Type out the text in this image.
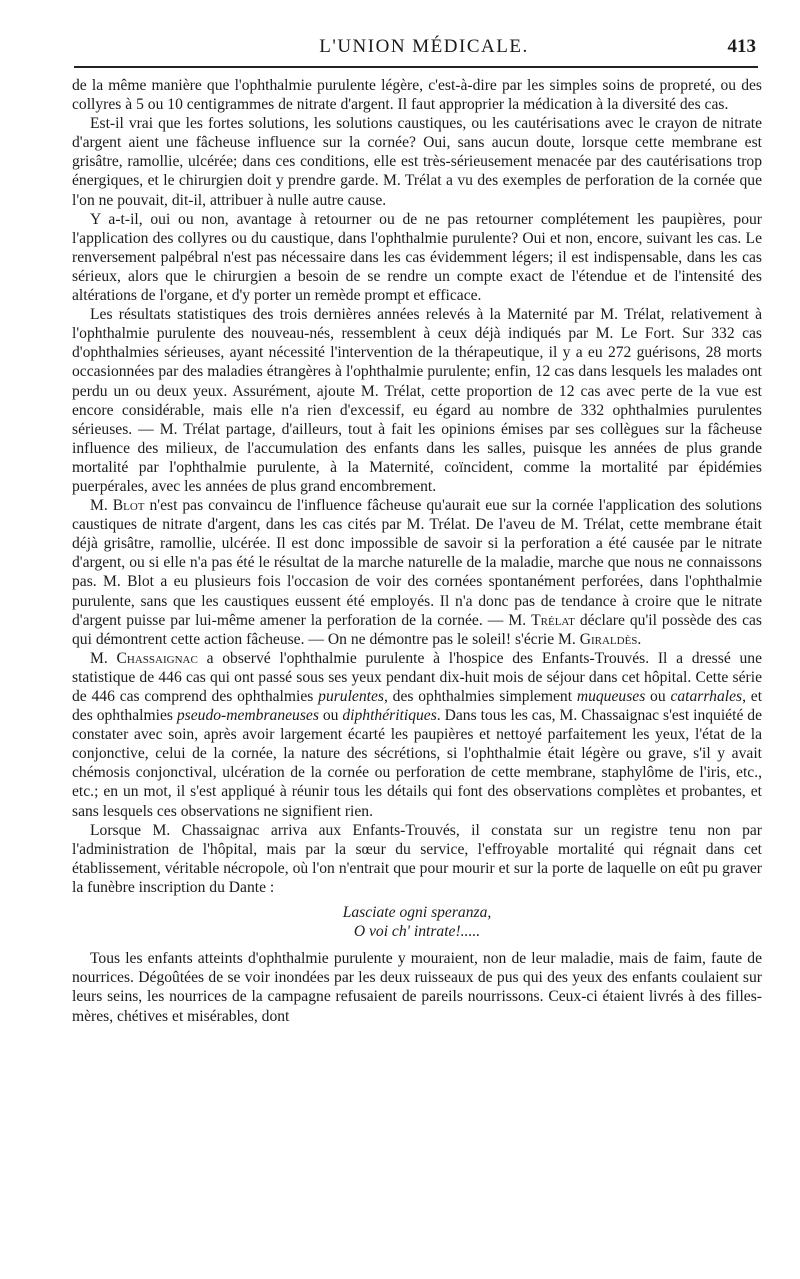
L'UNION MÉDICALE.	413

de la même manière que l'ophthalmie purulente légère, c'est-à-dire par les simples soins de propreté, ou des collyres à 5 ou 10 centigrammes de nitrate d'argent. Il faut approprier la médication à la diversité des cas.

Est-il vrai que les fortes solutions, les solutions caustiques, ou les cautérisations avec le crayon de nitrate d'argent aient une fâcheuse influence sur la cornée? Oui, sans aucun doute, lorsque cette membrane est grisâtre, ramollie, ulcérée; dans ces conditions, elle est très-sérieusement menacée par des cautérisations trop énergiques, et le chirurgien doit y prendre garde. M. Trélat a vu des exemples de perforation de la cornée que l'on ne pouvait, dit-il, attribuer à nulle autre cause.

Y a-t-il, oui ou non, avantage à retourner ou de ne pas retourner complétement les paupières, pour l'application des collyres ou du caustique, dans l'ophthalmie purulente? Oui et non, encore, suivant les cas. Le renversement palpébral n'est pas nécessaire dans les cas évidemment légers; il est indispensable, dans les cas sérieux, alors que le chirurgien a besoin de se rendre un compte exact de l'étendue et de l'intensité des altérations de l'organe, et d'y porter un remède prompt et efficace.

Les résultats statistiques des trois dernières années relevés à la Maternité par M. Trélat, relativement à l'ophthalmie purulente des nouveau-nés, ressemblent à ceux déjà indiqués par M. Le Fort. Sur 332 cas d'ophthalmies sérieuses, ayant nécessité l'intervention de la thérapeutique, il y a eu 272 guérisons, 28 morts occasionnées par des maladies étrangères à l'ophthalmie purulente; enfin, 12 cas dans lesquels les malades ont perdu un ou deux yeux. Assurément, ajoute M. Trélat, cette proportion de 12 cas avec perte de la vue est encore considérable, mais elle n'a rien d'excessif, eu égard au nombre de 332 ophthalmies purulentes sérieuses. — M. Trélat partage, d'ailleurs, tout à fait les opinions émises par ses collègues sur la fâcheuse influence des milieux, de l'accumulation des enfants dans les salles, puisque les années de plus grande mortalité par l'ophthalmie purulente, à la Maternité, coïncident, comme la mortalité par épidémies puerpérales, avec les années de plus grand encombrement.

M. Blot n'est pas convaincu de l'influence fâcheuse qu'aurait eue sur la cornée l'application des solutions caustiques de nitrate d'argent, dans les cas cités par M. Trélat. De l'aveu de M. Trélat, cette membrane était déjà grisâtre, ramollie, ulcérée. Il est donc impossible de savoir si la perforation a été causée par le nitrate d'argent, ou si elle n'a pas été le résultat de la marche naturelle de la maladie, marche que nous ne connaissons pas. M. Blot a eu plusieurs fois l'occasion de voir des cornées spontanément perforées, dans l'ophthalmie purulente, sans que les caustiques eussent été employés. Il n'a donc pas de tendance à croire que le nitrate d'argent puisse par lui-même amener la perforation de la cornée. — M. Trélat déclare qu'il possède des cas qui démontrent cette action fâcheuse. — On ne démontre pas le soleil! s'écrie M. Giraldès.

M. Chassaignac a observé l'ophthalmie purulente à l'hospice des Enfants-Trouvés. Il a dressé une statistique de 446 cas qui ont passé sous ses yeux pendant dix-huit mois de séjour dans cet hôpital. Cette série de 446 cas comprend des ophthalmies purulentes, des ophthalmies simplement muqueuses ou catarrhales, et des ophthalmies pseudo-membraneuses ou diphthéritiques. Dans tous les cas, M. Chassaignac s'est inquiété de constater avec soin, après avoir largement écarté les paupières et nettoyé parfaitement les yeux, l'état de la conjonctive, celui de la cornée, la nature des sécrétions, si l'ophthalmie était légère ou grave, s'il y avait chémosis conjonctival, ulcération de la cornée ou perforation de cette membrane, staphylôme de l'iris, etc., etc.; en un mot, il s'est appliqué à réunir tous les détails qui font des observations complètes et probantes, et sans lesquels ces observations ne signifient rien.

Lorsque M. Chassaignac arriva aux Enfants-Trouvés, il constata sur un registre tenu non par l'administration de l'hôpital, mais par la sœur du service, l'effroyable mortalité qui régnait dans cet établissement, véritable nécropole, où l'on n'entrait que pour mourir et sur la porte de laquelle on eût pu graver la funèbre inscription du Dante :

Lasciate ogni speranza,
O voi ch' intrate!.....

Tous les enfants atteints d'ophthalmie purulente y mouraient, non de leur maladie, mais de faim, faute de nourrices. Dégoûtées de se voir inondées par les deux ruisseaux de pus qui des yeux des enfants coulaient sur leurs seins, les nourrices de la campagne refusaient de pareils nourrissons. Ceux-ci étaient livrés à des filles-mères, chétives et misérables, dont
